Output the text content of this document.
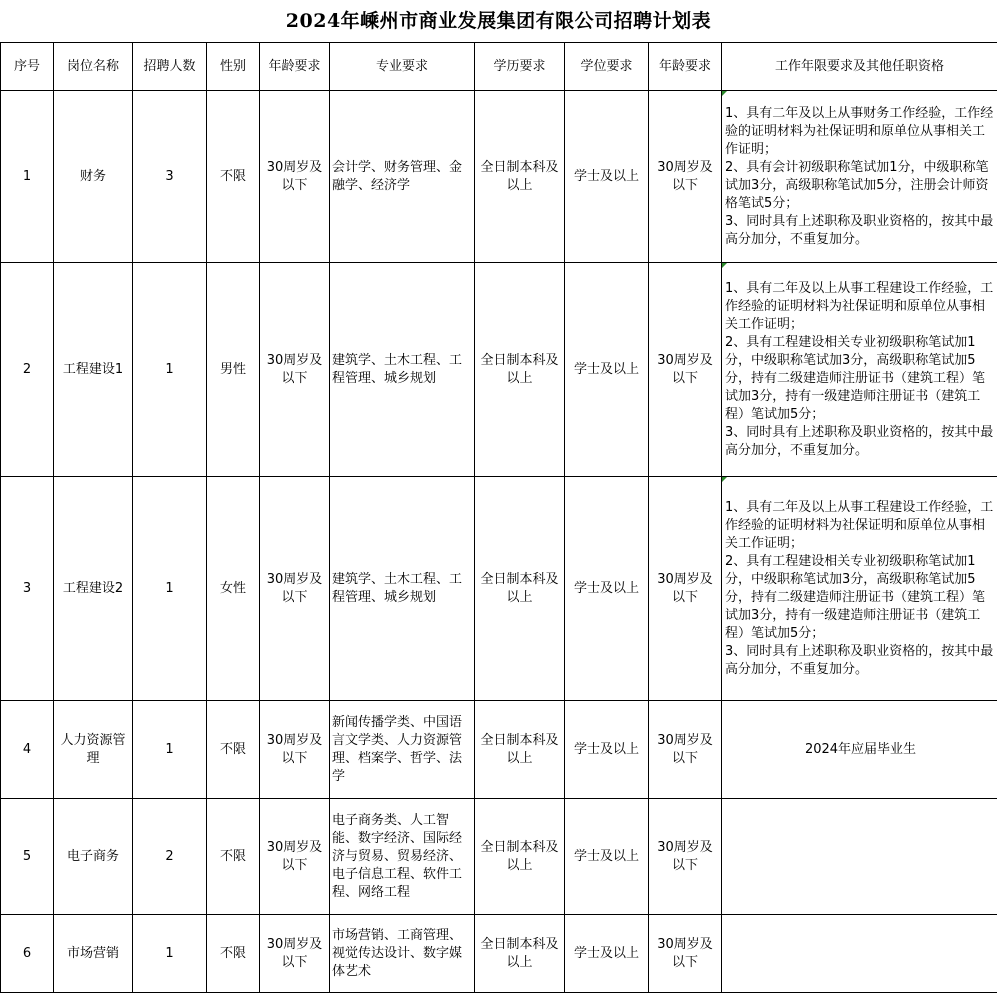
2024年嵊州市商业发展集团有限公司招聘计划表
序号	岗位名称	招聘人数	性别	年龄要求	专业要求	学历要求	学位要求	年龄要求	工作年限要求及其他任职资格
1	财务	3	不限	30周岁及以下	会计学、财务管理、金融学、经济学	全日制本科及以上	学士及以上	30周岁及以下	1、具有二年及以上从事财务工作经验，工作经验的证明材料为社保证明和原单位从事相关工作证明；
2、具有会计初级职称笔试加1分，中级职称笔试加3分，高级职称笔试加5分，注册会计师资格笔试5分；
3、同时具有上述职称及职业资格的，按其中最高分加分，不重复加分。
2	工程建设1	1	男性	30周岁及以下	建筑学、土木工程、工程管理、城乡规划	全日制本科及以上	学士及以上	30周岁及以下	1、具有二年及以上从事工程建设工作经验，工作经验的证明材料为社保证明和原单位从事相关工作证明；
2、具有工程建设相关专业初级职称笔试加1分，中级职称笔试加3分，高级职称笔试加5分，持有二级建造师注册证书（建筑工程）笔试加3分，持有一级建造师注册证书（建筑工程）笔试加5分；
3、同时具有上述职称及职业资格的，按其中最高分加分，不重复加分。
3	工程建设2	1	女性	30周岁及以下	建筑学、土木工程、工程管理、城乡规划	全日制本科及以上	学士及以上	30周岁及以下	1、具有二年及以上从事工程建设工作经验，工作经验的证明材料为社保证明和原单位从事相关工作证明；
2、具有工程建设相关专业初级职称笔试加1分，中级职称笔试加3分，高级职称笔试加5分，持有二级建造师注册证书（建筑工程）笔试加3分，持有一级建造师注册证书（建筑工程）笔试加5分；
3、同时具有上述职称及职业资格的，按其中最高分加分，不重复加分。
4	人力资源管理	1	不限	30周岁及以下	新闻传播学类、中国语言文学类、人力资源管理、档案学、哲学、法学	全日制本科及以上	学士及以上	30周岁及以下	2024年应届毕业生

5	电子商务	2	不限	30周岁及以下	电子商务类、人工智能、数字经济、国际经济与贸易、贸易经济、电子信息工程、软件工程、网络工程	全日制本科及以上	学士及以上	30周岁及以下	
6	市场营销	1	不限	30周岁及以下	市场营销、工商管理、视觉传达设计、数字媒体艺术	全日制本科及以上	学士及以上	30周岁及以下	
